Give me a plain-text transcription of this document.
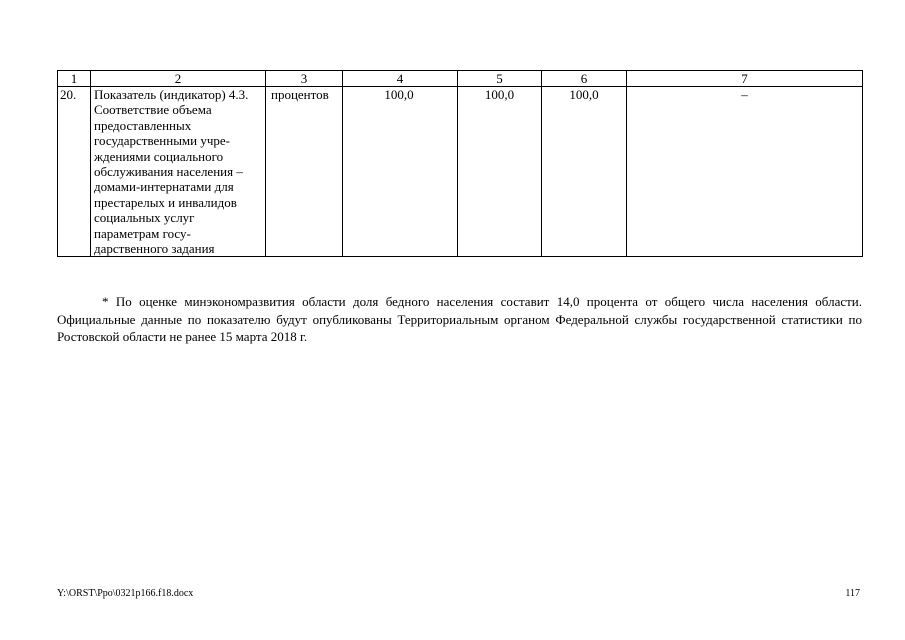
1	2	3	4	5	6	7
20.	Показатель (индикатор) 4.3. Соответствие объема предоставленных государственными учре-ждениями социального обслуживания населения – домами-интернатами для престарелых и инвалидов социальных услуг параметрам госу-дарственного задания	процентов	100,0	100,0	100,0	–

* По оценке минэкономразвития области доля бедного населения составит 14,0 процента от общего числа населения области. Официальные данные по показателю будут опубликованы Территориальным органом Федеральной службы государственной статистики по Ростовской области не ранее 15 марта 2018 г.

Y:\ORST\Ppo\0321p166.f18.docx	117
